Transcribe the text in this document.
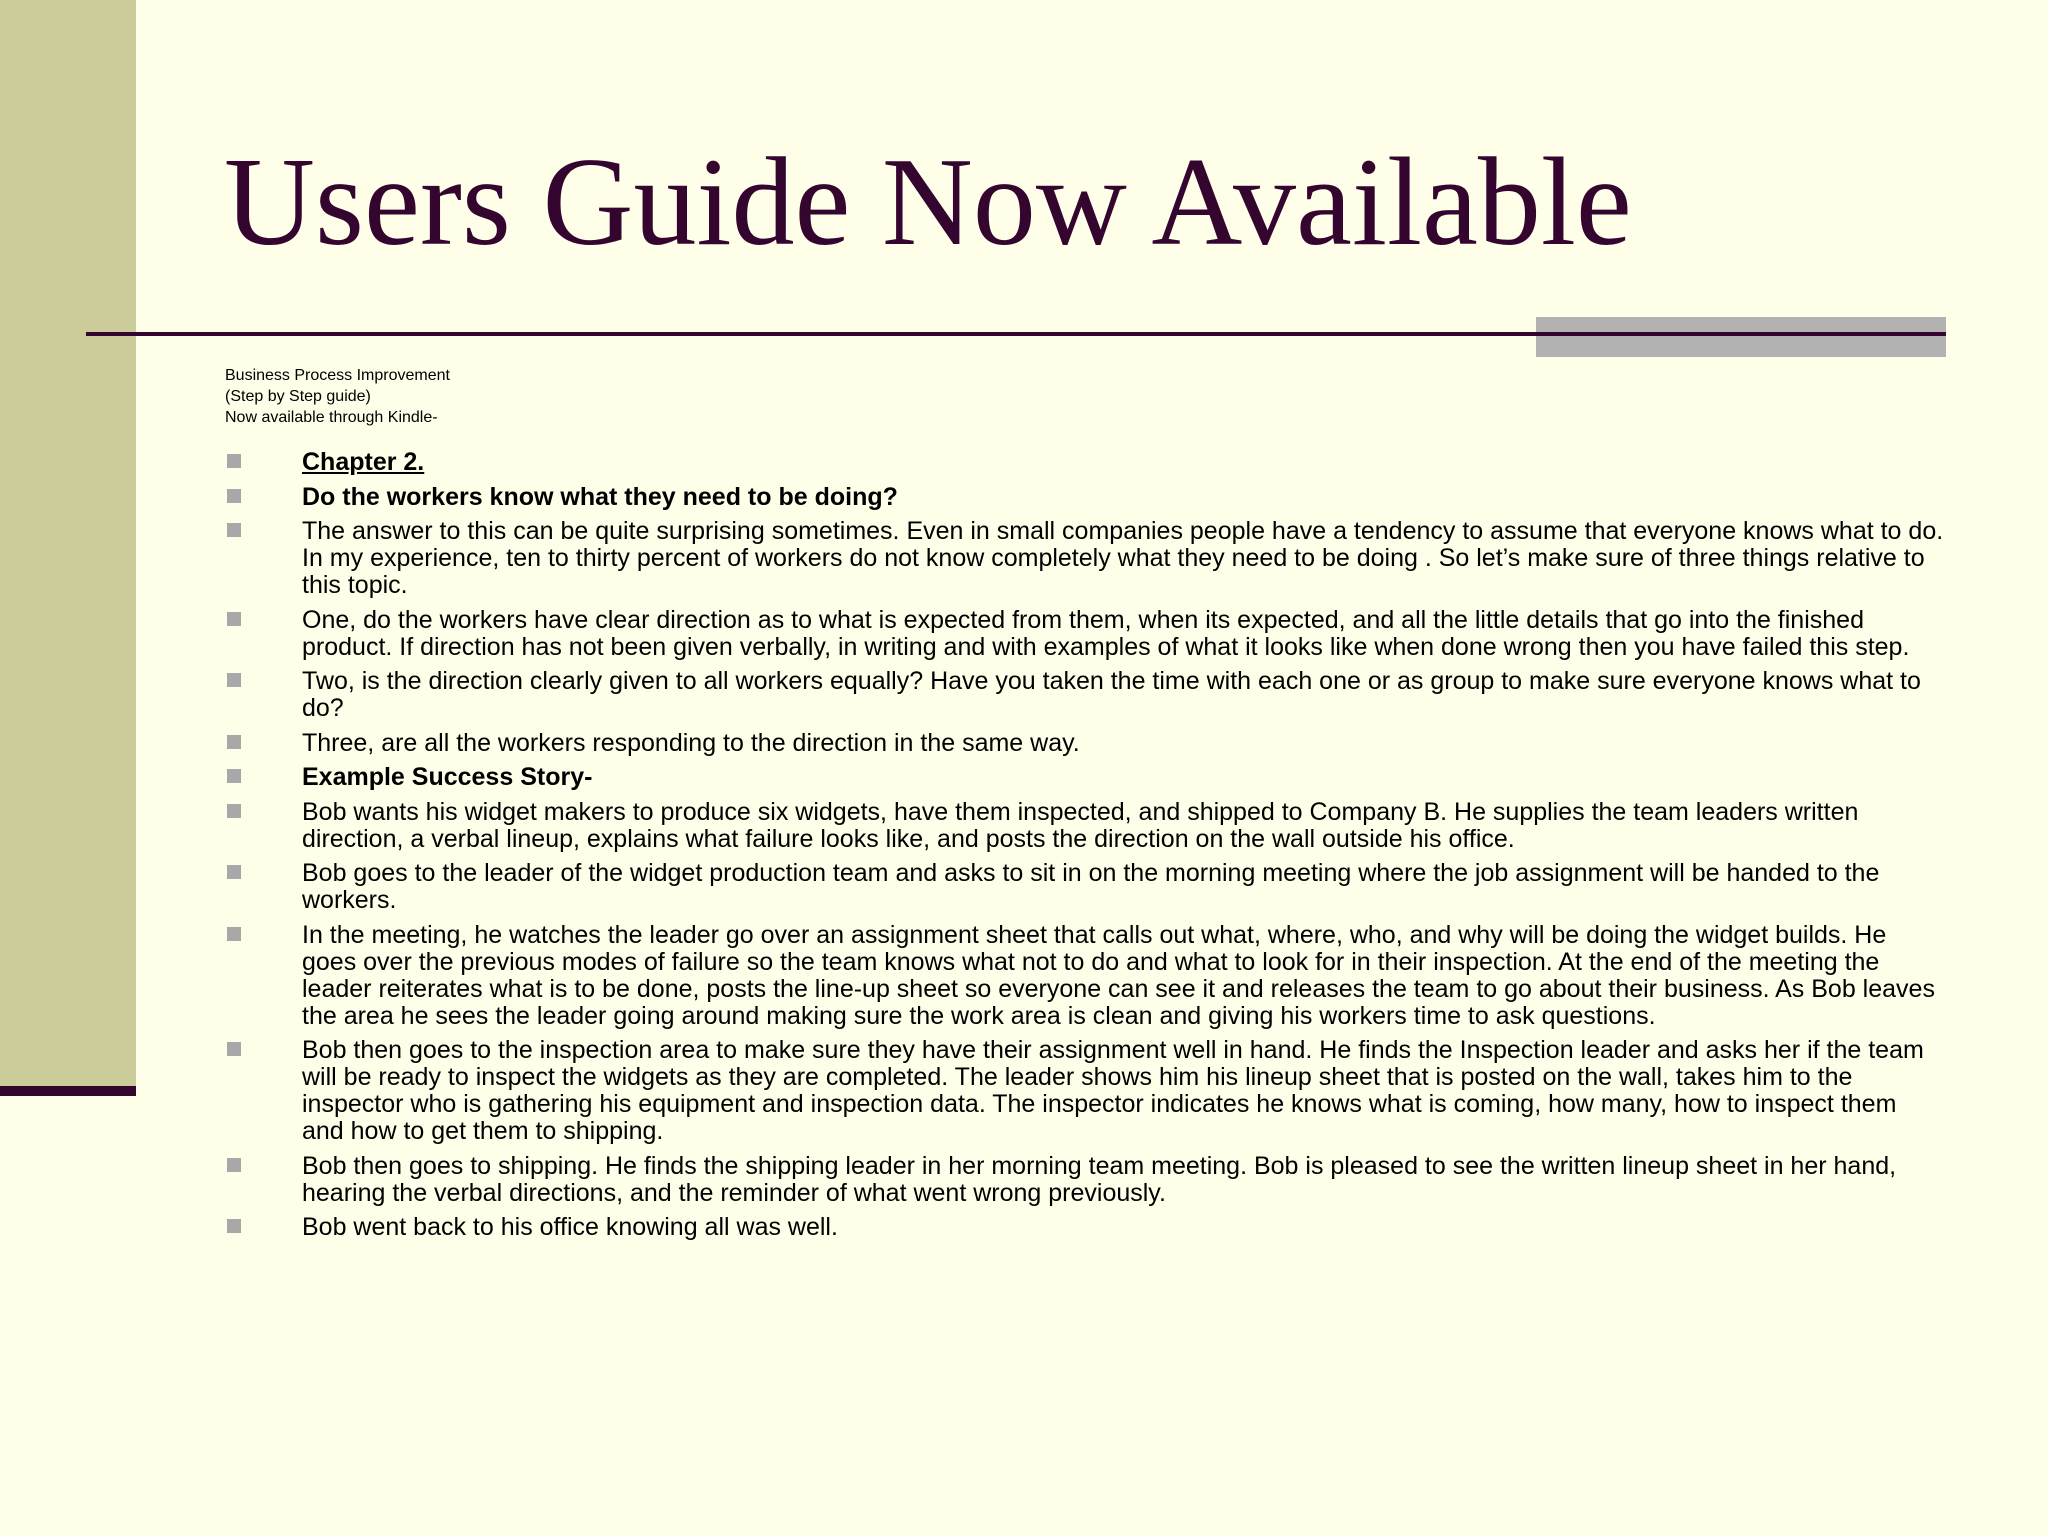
Users Guide Now Available
Business Process Improvement
(Step by Step guide)
Now available through Kindle-
Chapter 2.
Do the workers know what they need to be doing?
The answer to this can be quite surprising sometimes. Even in small companies people have a tendency to assume that everyone knows what to do. In my experience, ten to thirty percent of workers do not know completely what they need to be doing . So let’s make sure of three things relative to this topic.
One, do the workers have clear direction as to what is expected from them, when its expected, and all the little details that go into the finished product. If direction has not been given verbally, in writing and with examples of what it looks like when done wrong then you have failed this step.
Two, is the direction clearly given to all workers equally? Have you taken the time with each one or as group to make sure everyone knows what to do?
Three, are all the workers responding to the direction in the same way.
Example Success Story-
Bob wants his widget makers to produce six widgets, have them inspected, and shipped to Company B. He supplies the team leaders written direction, a verbal lineup, explains what failure looks like, and posts the direction on the wall outside his office.
Bob goes to the leader of the widget production team and asks to sit in on the morning meeting where the job assignment will be handed to the workers.
In the meeting, he watches the leader go over an assignment sheet that calls out what, where, who, and why will be doing the widget builds. He goes over the previous modes of failure so the team knows what not to do and what to look for in their inspection. At the end of the meeting the leader reiterates what is to be done, posts the line-up sheet so everyone can see it and releases the team to go about their business. As Bob leaves the area he sees the leader going around making sure the work area is clean and giving his workers time to ask questions.
Bob then goes to the inspection area to make sure they have their assignment well in hand. He finds the Inspection leader and asks her if the team will be ready to inspect the widgets as they are completed. The leader shows him his lineup sheet that is posted on the wall, takes him to the inspector who is gathering his equipment and inspection data. The inspector indicates he knows what is coming, how many, how to inspect them and how to get them to shipping.
Bob then goes to shipping. He finds the shipping leader in her morning team meeting. Bob is pleased to see the written lineup sheet in her hand, hearing the verbal directions, and the reminder of what went wrong previously.
Bob went back to his office knowing all was well.
